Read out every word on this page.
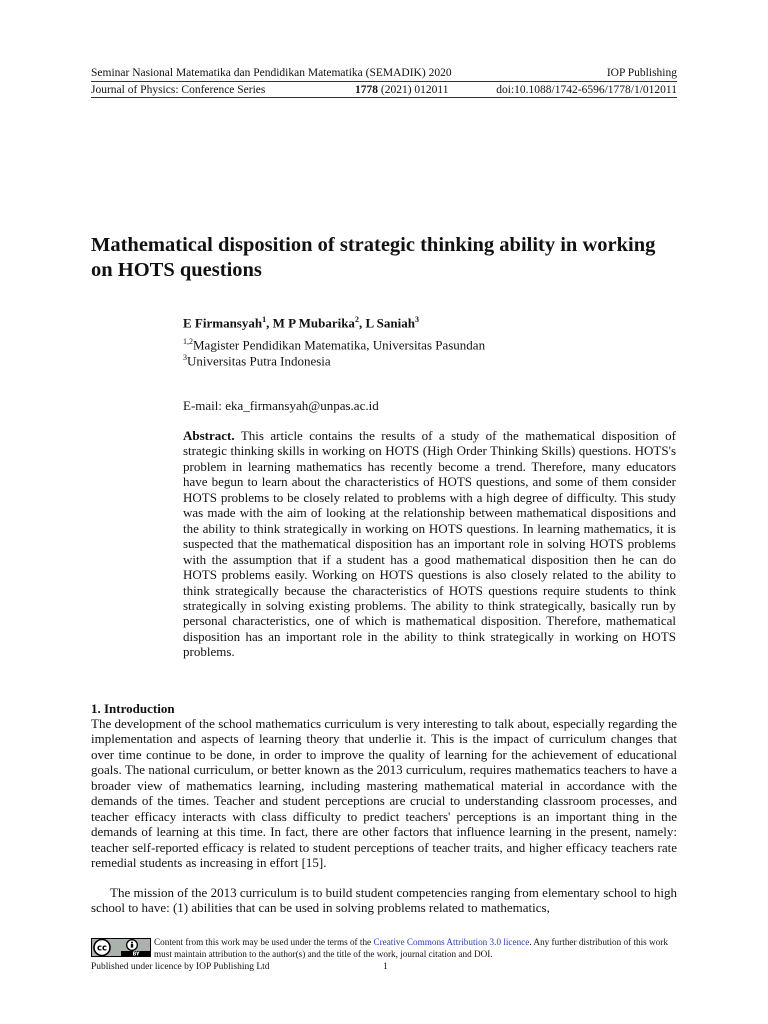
Seminar Nasional Matematika dan Pendidikan Matematika (SEMADIK) 2020	IOP Publishing
Journal of Physics: Conference Series	1778 (2021) 012011	doi:10.1088/1742-6596/1778/1/012011
Mathematical disposition of strategic thinking ability in working on HOTS questions
E Firmansyah$^1$, M P Mubarika$^2$, L Saniah$^3$
$^{1,2}$Magister Pendidikan Matematika, Universitas Pasundan
$^3$Universitas Putra Indonesia
E-mail: eka_firmansyah@unpas.ac.id

Abstract. This article contains the results of a study of the mathematical disposition of strategic thinking skills in working on HOTS (High Order Thinking Skills) questions. HOTS's problem in learning mathematics has recently become a trend. Therefore, many educators have begun to learn about the characteristics of HOTS questions, and some of them consider HOTS problems to be closely related to problems with a high degree of difficulty. This study was made with the aim of looking at the relationship between mathematical dispositions and the ability to think strategically in working on HOTS questions. In learning mathematics, it is suspected that the mathematical disposition has an important role in solving HOTS problems with the assumption that if a student has a good mathematical disposition then he can do HOTS problems easily. Working on HOTS questions is also closely related to the ability to think strategically because the characteristics of HOTS questions require students to think strategically in solving existing problems. The ability to think strategically, basically run by personal characteristics, one of which is mathematical disposition. Therefore, mathematical disposition has an important role in the ability to think strategically in working on HOTS problems.

1. Introduction

The development of the school mathematics curriculum is very interesting to talk about, especially regarding the implementation and aspects of learning theory that underlie it. This is the impact of curriculum changes that over time continue to be done, in order to improve the quality of learning for the achievement of educational goals. The national curriculum, or better known as the 2013 curriculum, requires mathematics teachers to have a broader view of mathematics learning, including mastering mathematical material in accordance with the demands of the times. Teacher and student perceptions are crucial to understanding classroom processes, and teacher efficacy interacts with class difficulty to predict teachers' perceptions is an important thing in the demands of learning at this time. In fact, there are other factors that influence learning in the present, namely: teacher self-reported efficacy is related to student perceptions of teacher traits, and higher efficacy teachers rate remedial students as increasing in effort [15].

The mission of the 2013 curriculum is to build student competencies ranging from elementary school to high school to have: (1) abilities that can be used in solving problems related to mathematics,

cc
BY
Content from this work may be used under the terms of the Creative Commons Attribution 3.0 licence. Any further distribution of this work must maintain attribution to the author(s) and the title of the work, journal citation and DOI.
Published under licence by IOP Publishing Ltd	1
